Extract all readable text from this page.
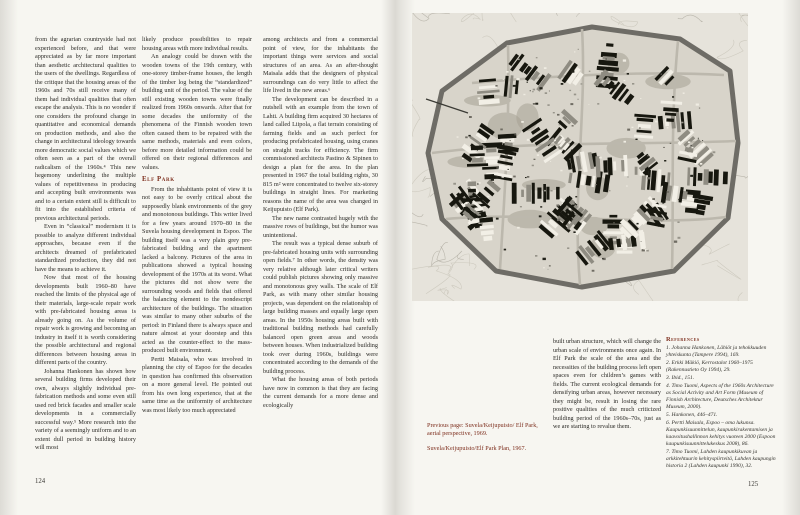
from the agrarian countryside had not experienced before, and that were appreciated as by far more important than aesthetic architectural qualities to the users of the dwellings. Regardless of the critique that the housing areas of the 1960s and 70s still receive many of them had individual qualities that often escape the analysis. This is no wonder if one considers the profound change in quantitative and economical demands on production methods, and also the change in architectural ideology towards more democratic social values which we often seen as a part of the overall radicalism of the 1960s.⁴ This new hegemony underlining the multiple values of repetitiveness in producing and accepting built environments was and to a certain extent still is difficult to fit into the established criteria of previous architectural periods.

Even in “classical” modernism it is possible to analyze different individual approaches, because even if the architects dreamed of prefabricated standardized production, they did not have the means to achieve it.

Now that most of the housing developments built 1960–80 have reached the limits of the physical age of their materials, large-scale repair work with pre-fabricated housing areas is already going on. As the volume of repair work is growing and becoming an industry in itself it is worth considering the possible architectural and regional differences between housing areas in different parts of the country.

Johanna Hankonen has shown how several building firms developed their own, always slightly individual pre-fabrication methods and some even still used red brick facades and smaller scale developments in a commercially successful way.⁵ More research into the variety of a seemingly uniform and to an extent dull period in building history will most

likely produce possibilities to repair housing areas with more individual results.

An analogy could be drawn with the wooden towns of the 19th century, with one-storey timber-frame houses, the length of the timber log being the “standardized” building unit of the period. The value of the still existing wooden towns were finally realized from 1960s onwards. After that for some decades the uniformity of the phenomena of the Finnish wooden town often caused them to be repaired with the same methods, materials and even colors, before more detailed information could be offered on their regional differences and values.

Elf Park

From the inhabitants point of view it is not easy to be overly critical about the supposedly blank environments of the grey and monotonous buildings. This writer lived for a few years around 1970–80 in the Suvela housing development in Espoo. The building itself was a very plain grey pre-fabricated building and the apartment lacked a balcony. Pictures of the area in publications showed a typical housing development of the 1970s at its worst. What the pictures did not show were the surrounding woods and fields that offered the balancing element to the nondescript architecture of the buildings. The situation was similar to many other suburbs of the period: in Finland there is always space and nature almost at your doorstep and this acted as the counter-effect to the mass-produced built environment.

Pertti Maisala, who was involved in planning the city of Espoo for the decades in question has confirmed this observation on a more general level. He pointed out from his own long experience, that at the same time as the uniformity of architecture was most likely too much appreciated

among architects and from a commercial point of view, for the inhabitants the important things were services and social structures of an area. As an after-thought Maisala adds that the designers of physical surroundings can do very little to affect the life lived in the new areas.⁶

The development can be described in a nutshell with an example from the town of Lahti. A building firm acquired 30 hectares of land called Liipola, a flat terrain consisting of farming fields and as such perfect for producing prefabricated housing, using cranes on straight tracks for efficiency. The firm commissioned architects Pastino & Sipinen to design a plan for the area. In the plan presented in 1967 the total building rights, 30 815 m² were concentrated to twelve six-storey buildings in straight lines. For marketing reasons the name of the area was changed in Keijupuisto (Elf Park).

The new name contrasted hugely with the massive rows of buildings, but the humor was unintentional.

The result was a typical dense suburb of pre-fabricated housing units with surrounding open fields.⁷ In other words, the density was very relative although later critical writers could publish pictures showing only massive and monotonous grey walls. The scale of Elf Park, as with many other similar housing projects, was dependent on the relationship of large building masses and equally large open areas. In the 1950s housing areas built with traditional building methods had carefully balanced open green areas and woods between houses. When industrialized building took over during 1960s, buildings were concentrated according to the demands of the building process.

What the housing areas of both periods have now in common is that they are facing the current demands for a more dense and ecologically

124

Previous page: Suvela/Keijupuisto/ Elf Park, aerial perspective, 1969.

Suvela/Keijupuisto/Elf Park Plan, 1967.

built urban structure, which will change the urban scale of environments once again. In Elf Park the scale of the area and the necessities of the building process left open spaces even for children’s games with fields. The current ecological demands for densifying urban areas, however necessary they might be, result in losing the rare positive qualities of the much criticized building period of the 1960s–70s, just as we are starting to revalue them.

References

1. Johanna Hankonen, Lähiöt ja tehokkuuden yhteiskunta (Tampere 1994), 169.

2. Erkki Mäkiö, Kerrostalot 1960–1975 (Rakennustieto Oy 1994), 29.

3. Ibid., 151.

4. Timo Tuomi, Aspects of the 1960s Architecture as Social Activity and Art Form (Museum of Finnish Architecture, Deutsches Architektur Museum, 2000).

5. Hankonen, 446–471.

6. Pertti Maisala, Espoo – oma lukunsa. Kaupunkisuunnittelun, kaupunkirakentamisen ja kaavoitushallinnon kehitys vuoteen 2000 (Espoon kaupunkisuunnittelukeskus 2008), 86.

7. Timo Tuomi, Lahden kaupunkikuvan ja arkkitehtuurin kehityspiirteitä, Lahden kaupungin historia 2 (Lahden kaupunki 1990), 32.

125
